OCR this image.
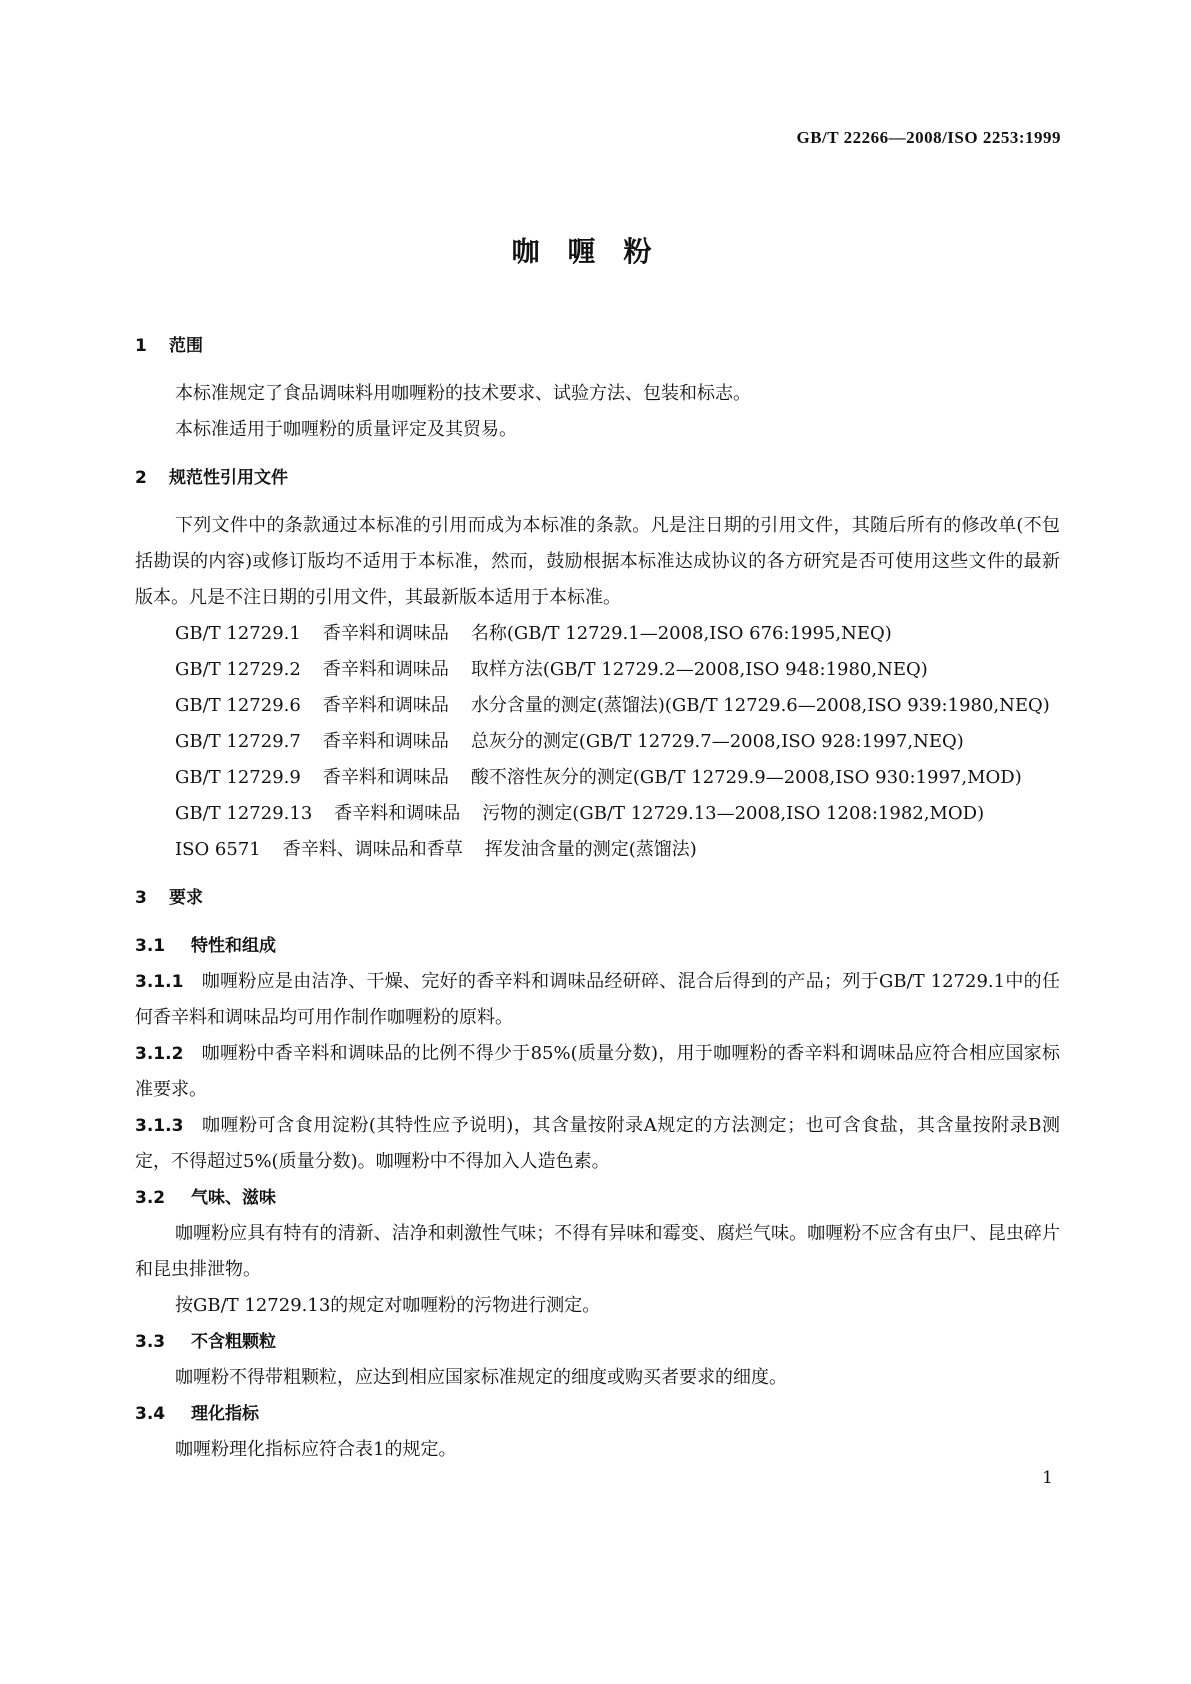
GB/T 22266—2008/ISO 2253:1999
咖喱粉
1 范围

本标准规定了食品调味料用咖喱粉的技术要求、试验方法、包装和标志。

本标准适用于咖喱粉的质量评定及其贸易。

2 规范性引用文件

下列文件中的条款通过本标准的引用而成为本标准的条款。凡是注日期的引用文件，其随后所有的修改单(不包括勘误的内容)或修订版均不适用于本标准，然而，鼓励根据本标准达成协议的各方研究是否可使用这些文件的最新版本。凡是不注日期的引用文件，其最新版本适用于本标准。

GB/T 12729.1 香辛料和调味品 名称(GB/T 12729.1—2008,ISO 676:1995,NEQ)

GB/T 12729.2 香辛料和调味品 取样方法(GB/T 12729.2—2008,ISO 948:1980,NEQ)

GB/T 12729.6 香辛料和调味品 水分含量的测定(蒸馏法)(GB/T 12729.6—2008,ISO 939:1980,NEQ)

GB/T 12729.7 香辛料和调味品 总灰分的测定(GB/T 12729.7—2008,ISO 928:1997,NEQ)

GB/T 12729.9 香辛料和调味品 酸不溶性灰分的测定(GB/T 12729.9—2008,ISO 930:1997,MOD)

GB/T 12729.13 香辛料和调味品 污物的测定(GB/T 12729.13—2008,ISO 1208:1982,MOD)

ISO 6571 香辛料、调味品和香草 挥发油含量的测定(蒸馏法)

3 要求
3.1 特性和组成

3.1.1 咖喱粉应是由洁净、干燥、完好的香辛料和调味品经研碎、混合后得到的产品；列于GB/T 12729.1中的任何香辛料和调味品均可用作制作咖喱粉的原料。

3.1.2 咖喱粉中香辛料和调味品的比例不得少于85%(质量分数)，用于咖喱粉的香辛料和调味品应符合相应国家标准要求。

3.1.3 咖喱粉可含食用淀粉(其特性应予说明)，其含量按附录A规定的方法测定；也可含食盐，其含量按附录B测定，不得超过5%(质量分数)。咖喱粉中不得加入人造色素。

3.2 气味、滋味

咖喱粉应具有特有的清新、洁净和刺激性气味；不得有异味和霉变、腐烂气味。咖喱粉不应含有虫尸、昆虫碎片和昆虫排泄物。

按GB/T 12729.13的规定对咖喱粉的污物进行测定。

3.3 不含粗颗粒

咖喱粉不得带粗颗粒，应达到相应国家标准规定的细度或购买者要求的细度。

3.4 理化指标

咖喱粉理化指标应符合表1的规定。

1
